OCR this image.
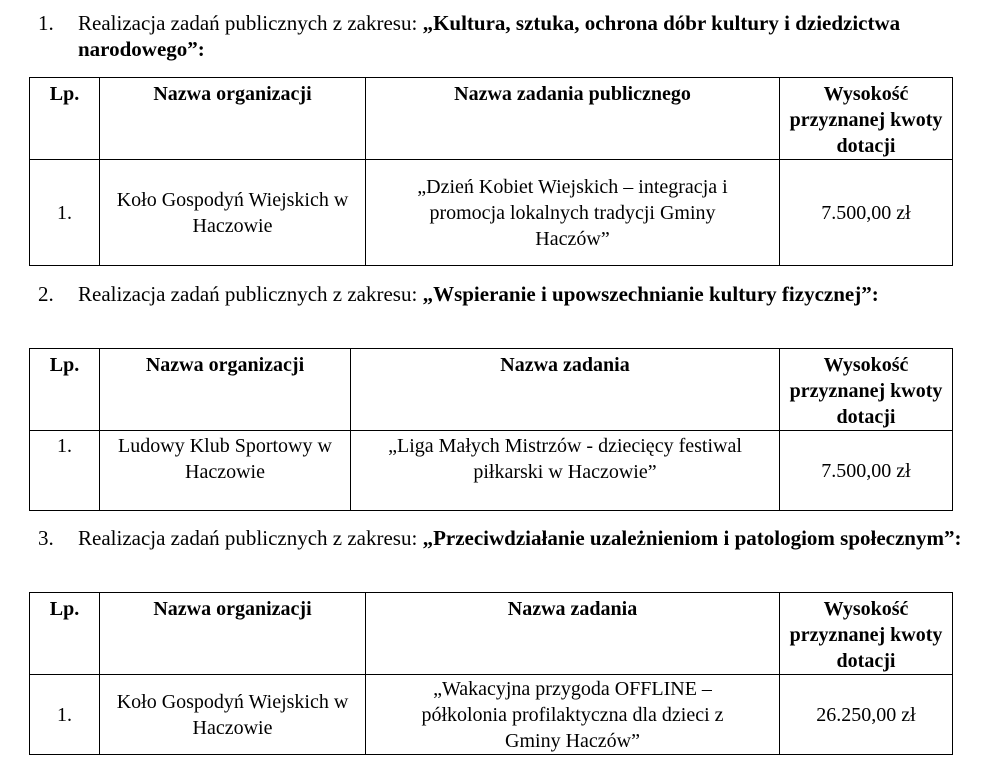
1.	Realizacja zadań publicznych z zakresu: „Kultura, sztuka, ochrona dóbr kultury i dziedzictwa narodowego”:
Lp.	Nazwa organizacji	Nazwa zadania publicznego	Wysokość przyznanej kwoty dotacji
1.	Koło Gospodyń Wiejskich w Haczowie	„Dzień Kobiet Wiejskich – integracja i promocja lokalnych tradycji Gminy Haczów”	7.500,00 zł
2.	Realizacja zadań publicznych z zakresu: „Wspieranie i upowszechnianie kultury fizycznej”:
Lp.	Nazwa organizacji	Nazwa zadania	Wysokość przyznanej kwoty dotacji
1.	Ludowy Klub Sportowy w Haczowie	„Liga Małych Mistrzów - dziecięcy festiwal piłkarski w Haczowie”	7.500,00 zł
3.	Realizacja zadań publicznych z zakresu: „Przeciwdziałanie uzależnieniom i patologiom społecznym”:
Lp.	Nazwa organizacji	Nazwa zadania	Wysokość przyznanej kwoty dotacji
1.	Koło Gospodyń Wiejskich w Haczowie	„Wakacyjna przygoda OFFLINE – półkolonia profilaktyczna dla dzieci z Gminy Haczów”	26.250,00 zł
